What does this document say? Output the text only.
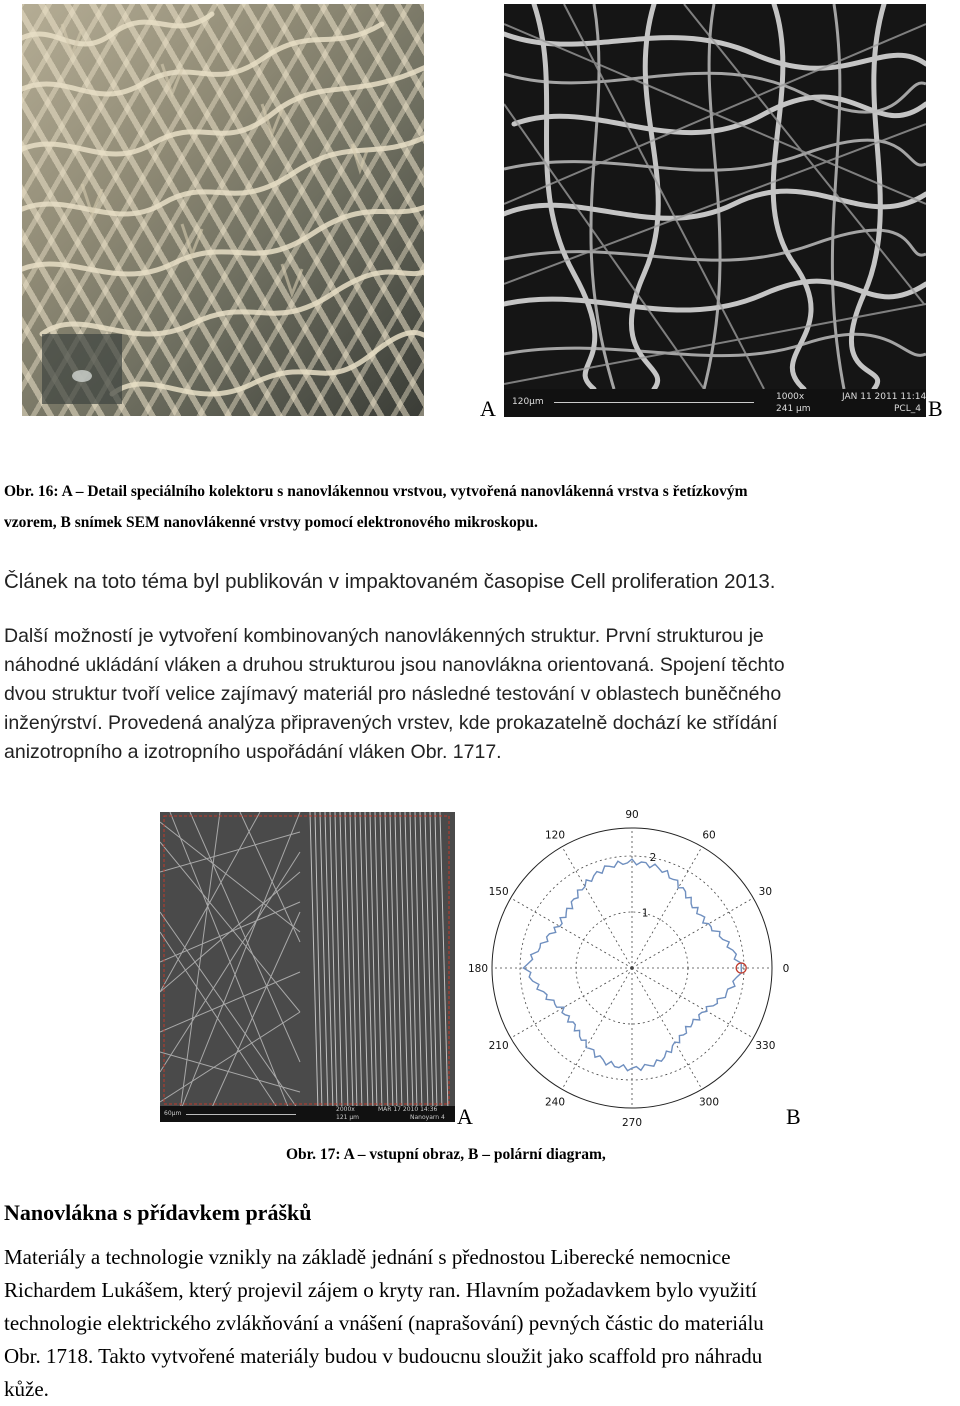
A 120µm	1000x
241 µm
JAN 11 2011 11:14
PCL_4 B
Obr. 16: A – Detail speciálního kolektoru s nanovlákennou vrstvou, vytvořená nanovlákenná vrstva s řetízkovým
vzorem, B snímek SEM nanovlákenné vrstvy pomocí elektronového mikroskopu.
Článek na toto téma byl publikován v impaktovaném časopise Cell proliferation 2013.
Další možností je vytvoření kombinovaných nanovlákenných struktur. První strukturou je
náhodné ukládání vláken a druhou strukturou jsou nanovlákna orientovaná. Spojení těchto
dvou struktur tvoří velice zajímavý materiál pro následné testování v oblastech buněčného
inženýrství. Provedená analýza připravených vrstev, kde prokazatelně dochází ke střídání
anizotropního a izotropního uspořádání vláken Obr. 1717.
60µm
2000x
121 µm
MAR 17 2010 14:36
Nanoyarn 4 A
0
30
60
90
120
150
180
210
240
270
300
330
1
2
B
Obr. 17: A – vstupní obraz, B – polární diagram,
Nanovlákna s přídavkem prášků
Materiály a technologie vznikly na základě jednání s přednostou Liberecké nemocnice
Richardem Lukášem, který projevil zájem o kryty ran. Hlavním požadavkem bylo využití
technologie elektrického zvlákňování a vnášení (naprašování) pevných částic do materiálu
Obr. 1718. Takto vytvořené materiály budou v budoucnu sloužit jako scaffold pro náhradu
kůže.
